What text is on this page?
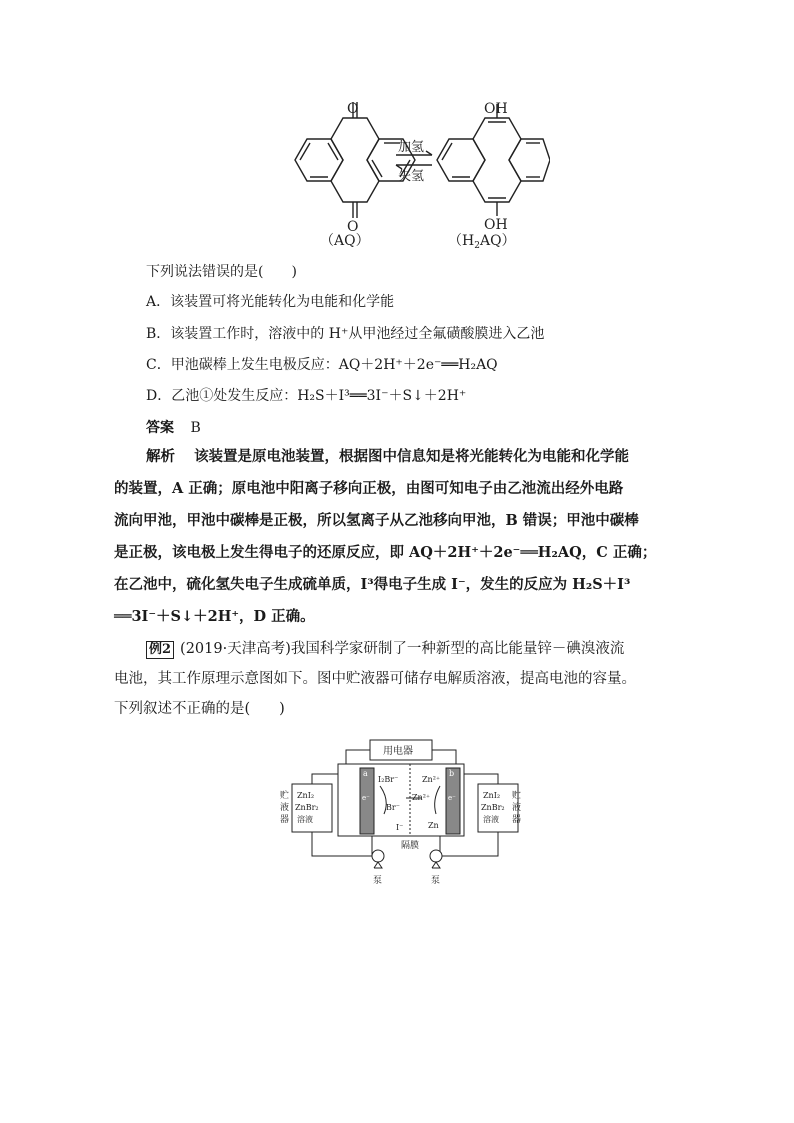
O
O
OH
OH
加氢
失氢
（AQ）	$(H_2AQ)$
下列说法错误的是(　　)
A．该装置可将光能转化为电能和化学能
B．该装置工作时，溶液中的 H⁺从甲池经过全氟磺酸膜进入乙池
C．甲池碳棒上发生电极反应：AQ＋2H⁺＋2e⁻══H₂AQ
D．乙池①处发生反应：H₂S＋I³══3I⁻＋S↓＋2H⁺
答案 B
解析 该装置是原电池装置，根据图中信息知是将光能转化为电能和化学能
的装置，A 正确；原电池中阳离子移向正极，由图可知电子由乙池流出经外电路
流向甲池，甲池中碳棒是正极，所以氢离子从乙池移向甲池，B 错误；甲池中碳棒
是正极，该电极上发生得电子的还原反应，即 AQ＋2H⁺＋2e⁻══H₂AQ，C 正确；
在乙池中，硫化氢失电子生成硫单质，I³得电子生成 I⁻，发生的反应为 H₂S＋I³
══3I⁻＋S↓＋2H⁺，D 正确。
例2 (2019·天津高考)我国科学家研制了一种新型的高比能量锌－碘溴液流
电池，其工作原理示意图如下。图中贮液器可储存电解质溶液，提高电池的容量。
下列叙述不正确的是(　　)
用电器
a	b
e⁻	e⁻
I₂Br⁻
Br⁻
I⁻
Zn²⁺
Zn²⁺
Zn
隔膜
泵	泵
贮
液
器
贮
液
器
ZnI₂
ZnBr₂
溶液
ZnI₂
ZnBr₂
溶液
